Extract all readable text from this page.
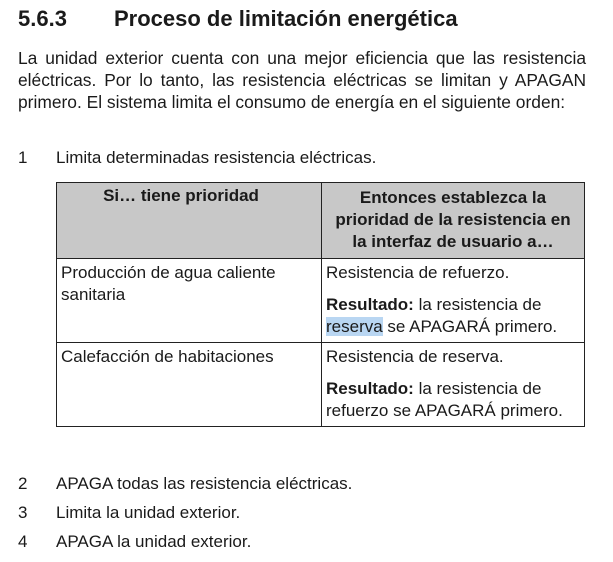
5.6.3 Proceso de limitación energética
La unidad exterior cuenta con una mejor eficiencia que las resistencia eléctricas. Por lo tanto, las resistencia eléctricas se limitan y APAGAN primero. El sistema limita el consumo de energía en el siguiente orden:
1 Limita determinadas resistencia eléctricas.
Si… tiene prioridad	Entonces establezca la prioridad de la resistencia en la interfaz de usuario a…
Producción de agua caliente sanitaria	Resistencia de refuerzo.
Resultado: la resistencia de reserva se APAGARÁ primero.

Calefacción de habitaciones	Resistencia de reserva.
Resultado: la resistencia de refuerzo se APAGARÁ primero.
2 APAGA todas las resistencia eléctricas.
3 Limita la unidad exterior.
4 APAGA la unidad exterior.
